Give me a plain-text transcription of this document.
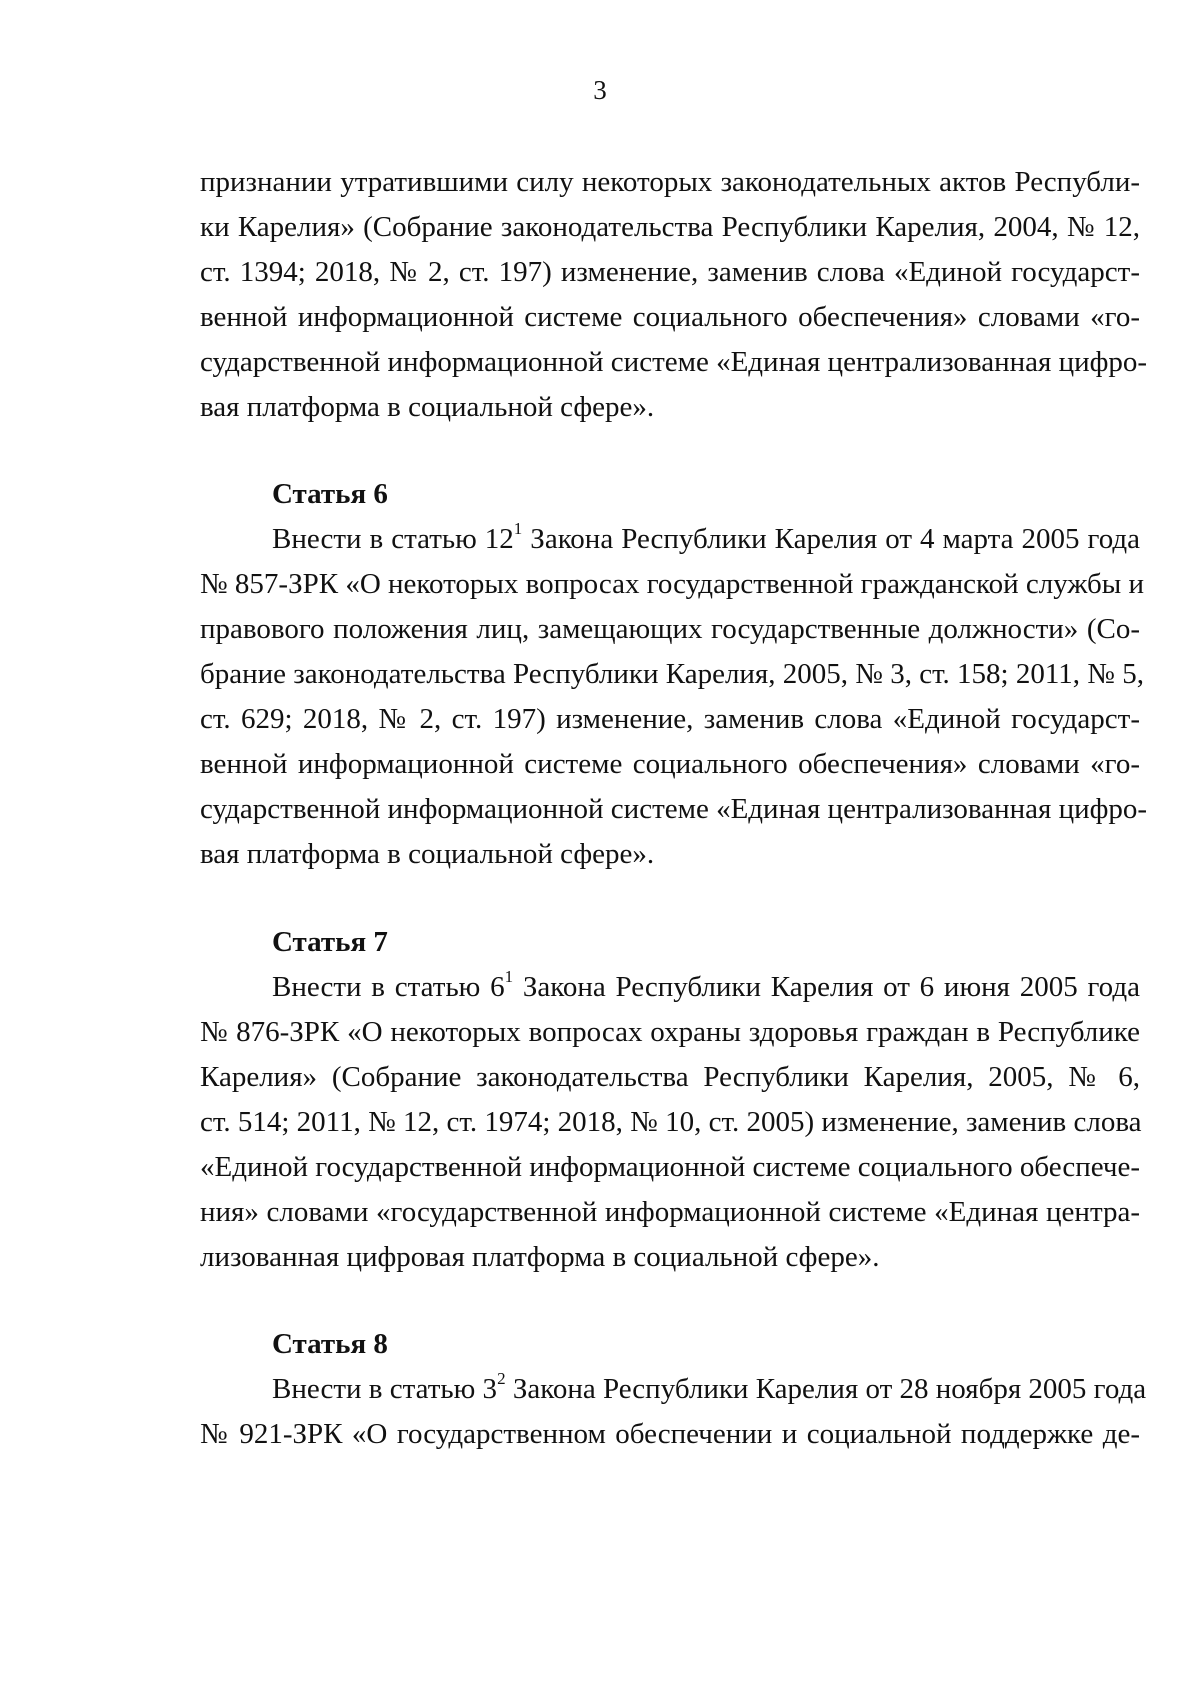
3
признании утратившими силу некоторых законодательных актов Республи-
ки Карелия» (Собрание законодательства Республики Карелия, 2004, № 12,
ст. 1394; 2018, № 2, ст. 197) изменение, заменив слова «Единой государст-
венной информационной системе социального обеспечения» словами «го-
сударственной информационной системе «Единая централизованная цифро-
вая платформа в социальной сфере».
Статья 6
Внести в статью $12^1$ Закона Республики Карелия от 4 марта 2005 года
№ 857-ЗРК «О некоторых вопросах государственной гражданской службы и
правового положения лиц, замещающих государственные должности» (Со-
брание законодательства Республики Карелия, 2005, № 3, ст. 158; 2011, № 5,
ст. 629; 2018, № 2, ст. 197) изменение, заменив слова «Единой государст-
венной информационной системе социального обеспечения» словами «го-
сударственной информационной системе «Единая централизованная цифро-
вая платформа в социальной сфере».
Статья 7
Внести в статью $6^1$ Закона Республики Карелия от 6 июня 2005 года
№ 876-ЗРК «О некоторых вопросах охраны здоровья граждан в Республике
Карелия» (Собрание законодательства Республики Карелия, 2005, № 6,
ст. 514; 2011, № 12, ст. 1974; 2018, № 10, ст. 2005) изменение, заменив слова
«Единой государственной информационной системе социального обеспече-
ния» словами «государственной информационной системе «Единая центра-
лизованная цифровая платформа в социальной сфере».
Статья 8
Внести в статью $3^2$ Закона Республики Карелия от 28 ноября 2005 года
№ 921-ЗРК «О государственном обеспечении и социальной поддержке де-
